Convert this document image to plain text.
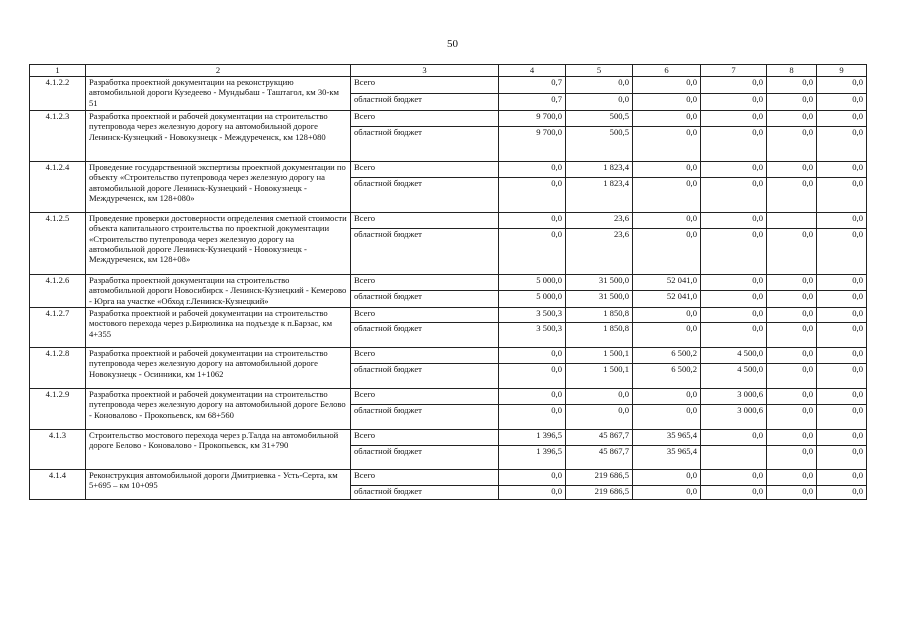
50
1	2	3	4	5	6	7	8	9
4.1.2.2	Разработка проектной документации на реконструкцию автомобильной дороги Кузедеево - Мундыбаш - Таштагол, км 30-км 51	Всего	0,7	0,0	0,0	0,0	0,0	0,0
		областной бюджет	0,7	0,0	0,0	0,0	0,0	0,0
4.1.2.3	Разработка проектной и рабочей документации на строительство путепровода через железную дорогу на автомобильной дороге Ленинск-Кузнецкий - Новокузнецк - Междуреченск, км 128+080	Всего	9 700,0	500,5	0,0	0,0	0,0	0,0
		областной бюджет	9 700,0	500,5	0,0	0,0	0,0	0,0
4.1.2.4	Проведение государственной экспертизы проектной документации по объекту «Строительство путепровода через железную дорогу на автомобильной дороге Ленинск-Кузнецкий - Новокузнецк - Междуреченск, км 128+080»	Всего	0,0	1 823,4	0,0	0,0	0,0	0,0
		областной бюджет	0,0	1 823,4	0,0	0,0	0,0	0,0
4.1.2.5	Проведение проверки достоверности определения сметной стоимости объекта капитального строительства по проектной документации «Строительство путепровода через железную дорогу на автомобильной дороге Ленинск-Кузнецкий - Новокузнецк - Междуреченск, км 128+08»	Всего	0,0	23,6	0,0	0,0		0,0
		областной бюджет	0,0	23,6	0,0	0,0	0,0	0,0
4.1.2.6	Разработка проектной документации на строительство автомобильной дороги Новосибирск - Ленинск-Кузнецкий - Кемерово - Юрга на участке «Обход г.Ленинск-Кузнецкий»	Всего	5 000,0	31 500,0	52 041,0	0,0	0,0	0,0
		областной бюджет	5 000,0	31 500,0	52 041,0	0,0	0,0	0,0
4.1.2.7	Разработка проектной и рабочей документации на строительство мостового перехода через р.Бирюлинка на подъезде к п.Барзас, км 4+355	Всего	3 500,3	1 850,8	0,0	0,0	0,0	0,0
		областной бюджет	3 500,3	1 850,8	0,0	0,0	0,0	0,0
4.1.2.8	Разработка проектной и рабочей документации на строительство путепровода через железную дорогу на автомобильной дороге Новокузнецк - Осинники, км 1+1062	Всего	0,0	1 500,1	6 500,2	4 500,0	0,0	0,0
		областной бюджет	0,0	1 500,1	6 500,2	4 500,0	0,0	0,0
4.1.2.9	Разработка проектной и рабочей документации на строительство путепровода через железную дорогу на автомобильной дороге Белово - Коновалово - Прокопьевск, км 68+560	Всего	0,0	0,0	0,0	3 000,6	0,0	0,0
		областной бюджет	0,0	0,0	0,0	3 000,6	0,0	0,0
4.1.3	Строительство мостового перехода через р.Талда на автомобильной дороге Белово - Коновалово - Прокопьевск, км 31+790	Всего	1 396,5	45 867,7	35 965,4	0,0	0,0	0,0
		областной бюджет	1 396,5	45 867,7	35 965,4		0,0	0,0
4.1.4	Реконструкция автомобильной дороги Дмитриевка - Усть-Серта, км 5+695 – км 10+095	Всего	0,0	219 686,5	0,0	0,0	0,0	0,0
		областной бюджет	0,0	219 686,5	0,0	0,0	0,0	0,0
